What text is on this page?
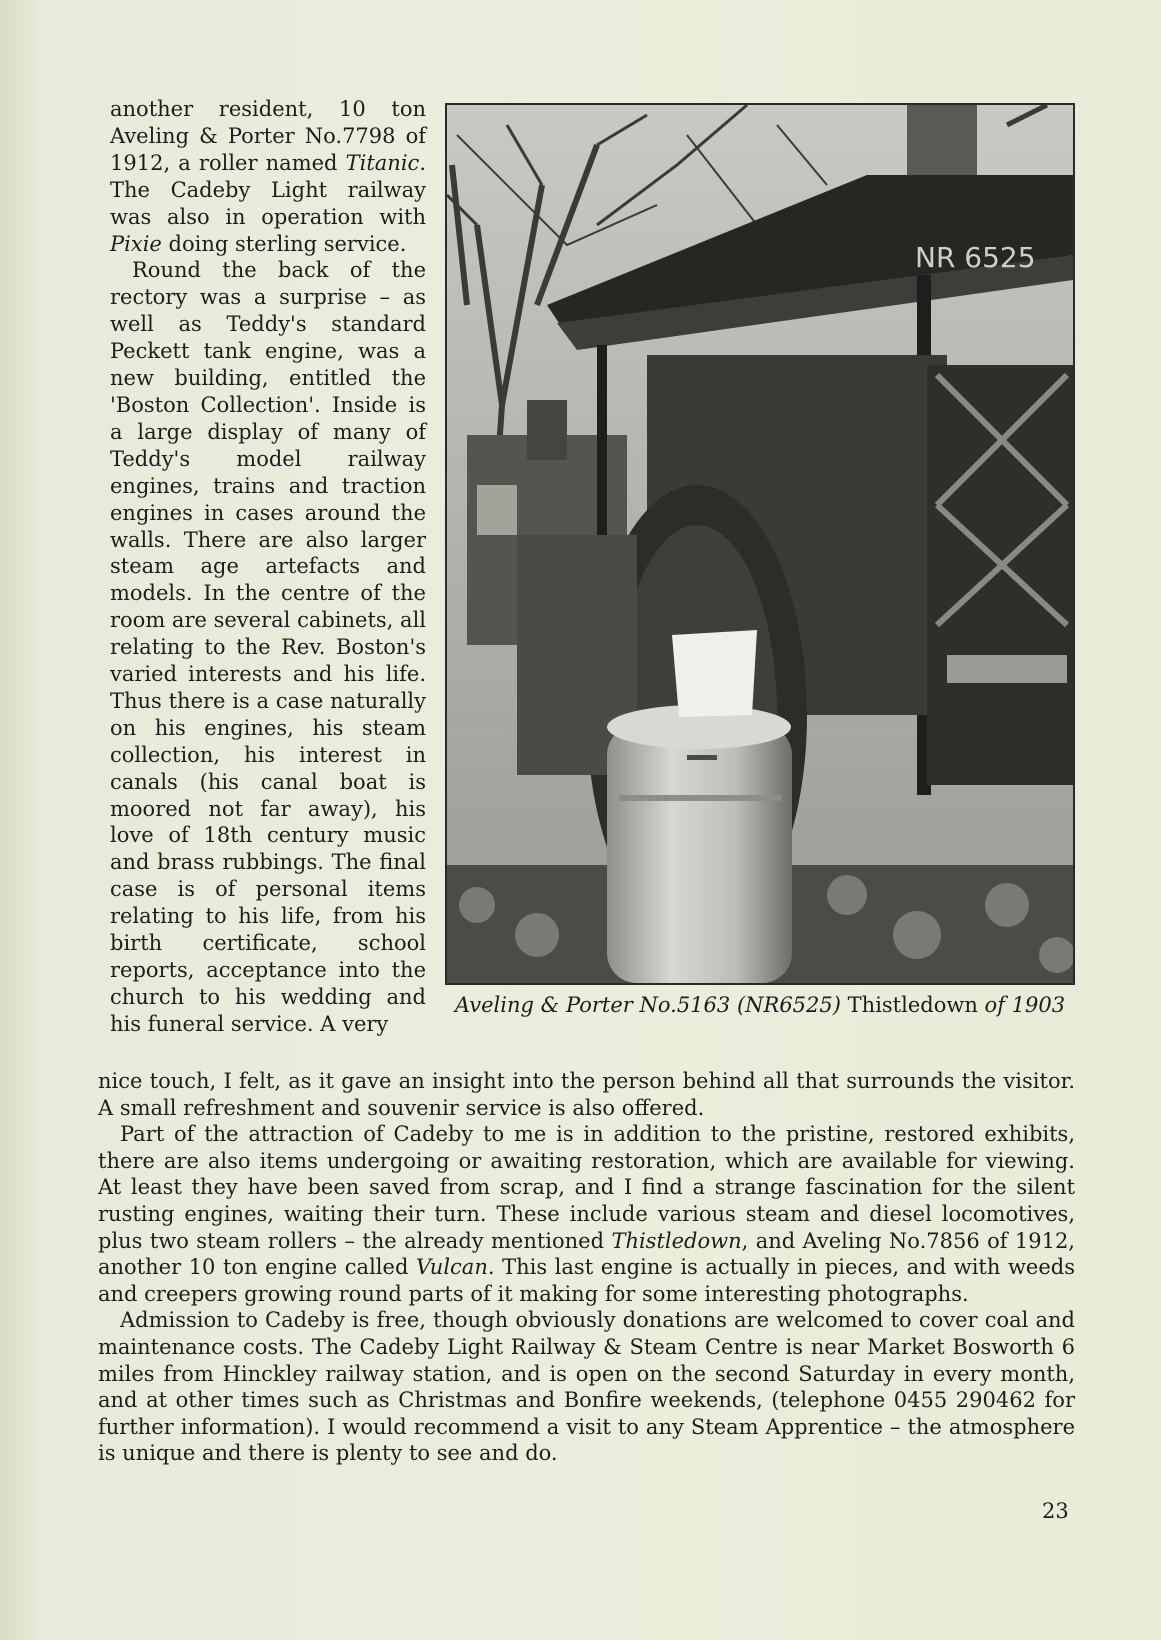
another resident, 10 ton Aveling & Porter No.7798 of 1912, a roller named Titanic. The Cadeby Light railway was also in operation with Pixie doing sterling service.

Round the back of the rectory was a surprise – as well as Teddy's standard Peckett tank engine, was a new building, entitled the 'Boston Collection'. Inside is a large display of many of Teddy's model railway engines, trains and traction engines in cases around the walls. There are also larger steam age artefacts and models. In the centre of the room are several cabinets, all relating to the Rev. Boston's varied interests and his life. Thus there is a case naturally on his engines, his steam collection, his interest in canals (his canal boat is moored not far away), his love of 18th century music and brass rubbings. The final case is of personal items relating to his life, from his birth certificate, school reports, acceptance into the church to his wedding and his funeral service. A very

NR 6525
Aveling & Porter No.5163 (NR6525) Thistledown of 1903

nice touch, I felt, as it gave an insight into the person behind all that surrounds the visitor. A small refreshment and souvenir service is also offered.

Part of the attraction of Cadeby to me is in addition to the pristine, restored exhibits, there are also items undergoing or awaiting restoration, which are available for viewing. At least they have been saved from scrap, and I find a strange fascination for the silent rusting engines, waiting their turn. These include various steam and diesel locomotives, plus two steam rollers – the already mentioned Thistledown, and Aveling No.7856 of 1912, another 10 ton engine called Vulcan. This last engine is actually in pieces, and with weeds and creepers growing round parts of it making for some interesting photographs.

Admission to Cadeby is free, though obviously donations are welcomed to cover coal and maintenance costs. The Cadeby Light Railway & Steam Centre is near Market Bosworth 6 miles from Hinckley railway station, and is open on the second Saturday in every month, and at other times such as Christmas and Bonfire weekends, (telephone 0455 290462 for further information). I would recommend a visit to any Steam Apprentice – the atmosphere is unique and there is plenty to see and do.

23
